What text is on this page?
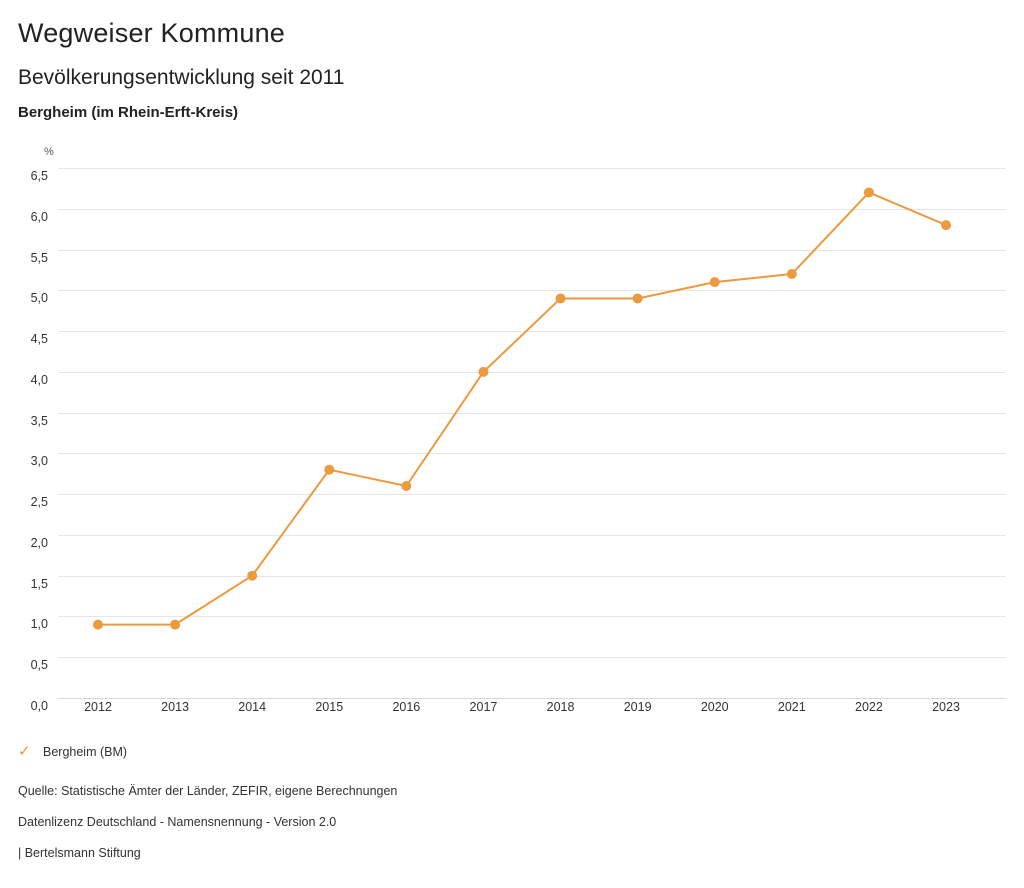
Wegweiser Kommune
Bevölkerungsentwicklung seit 2011
Bergheim (im Rhein-Erft-Kreis)
%
0,0
0,5
1,0
1,5
2,0
2,5
3,0
3,5
4,0
4,5
5,0
5,5
6,0
6,5
2012	2013	2014	2015	2016	2017	2018	2019	2020	2021	2022	2023
✓ Bergheim (BM)
Quelle: Statistische Ämter der Länder, ZEFIR, eigene Berechnungen
Datenlizenz Deutschland - Namensnennung - Version 2.0
| Bertelsmann Stiftung
